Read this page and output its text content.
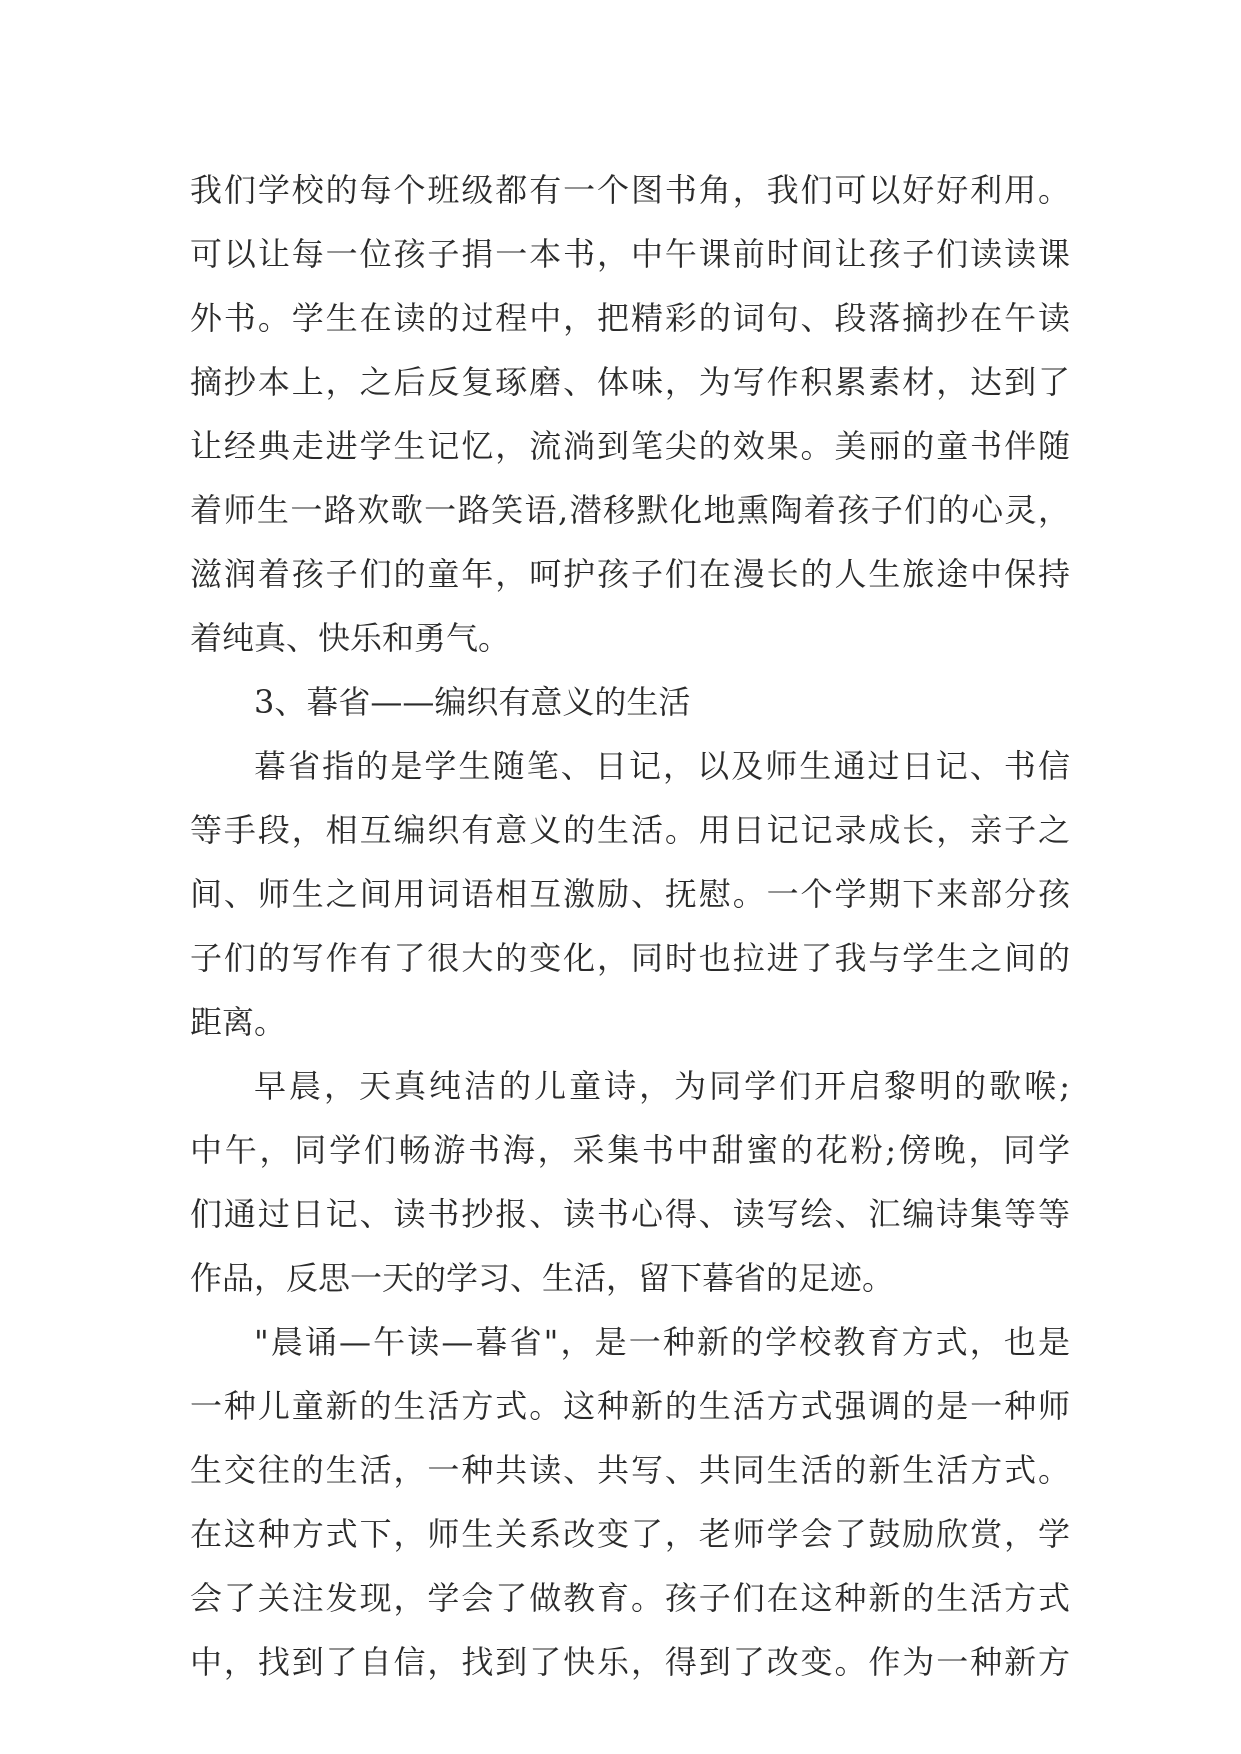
我们学校的每个班级都有一个图书角，我们可以好好利用。
可以让每一位孩子捐一本书，中午课前时间让孩子们读读课
外书。学生在读的过程中，把精彩的词句、段落摘抄在午读
摘抄本上，之后反复琢磨、体味，为写作积累素材，达到了
让经典走进学生记忆，流淌到笔尖的效果。美丽的童书伴随
着师生一路欢歌一路笑语,潜移默化地熏陶着孩子们的心灵，
滋润着孩子们的童年，呵护孩子们在漫长的人生旅途中保持
着纯真、快乐和勇气。
3、暮省——编织有意义的生活
暮省指的是学生随笔、日记，以及师生通过日记、书信
等手段，相互编织有意义的生活。用日记记录成长，亲子之
间、师生之间用词语相互激励、抚慰。一个学期下来部分孩
子们的写作有了很大的变化，同时也拉进了我与学生之间的
距离。
早晨，天真纯洁的儿童诗，为同学们开启黎明的歌喉;
中午，同学们畅游书海，采集书中甜蜜的花粉;傍晚，同学
们通过日记、读书抄报、读书心得、读写绘、汇编诗集等等
作品，反思一天的学习、生活，留下暮省的足迹。
"晨诵—午读—暮省"，是一种新的学校教育方式，也是
一种儿童新的生活方式。这种新的生活方式强调的是一种师
生交往的生活，一种共读、共写、共同生活的新生活方式。
在这种方式下，师生关系改变了，老师学会了鼓励欣赏，学
会了关注发现，学会了做教育。孩子们在这种新的生活方式
中，找到了自信，找到了快乐，得到了改变。作为一种新方
